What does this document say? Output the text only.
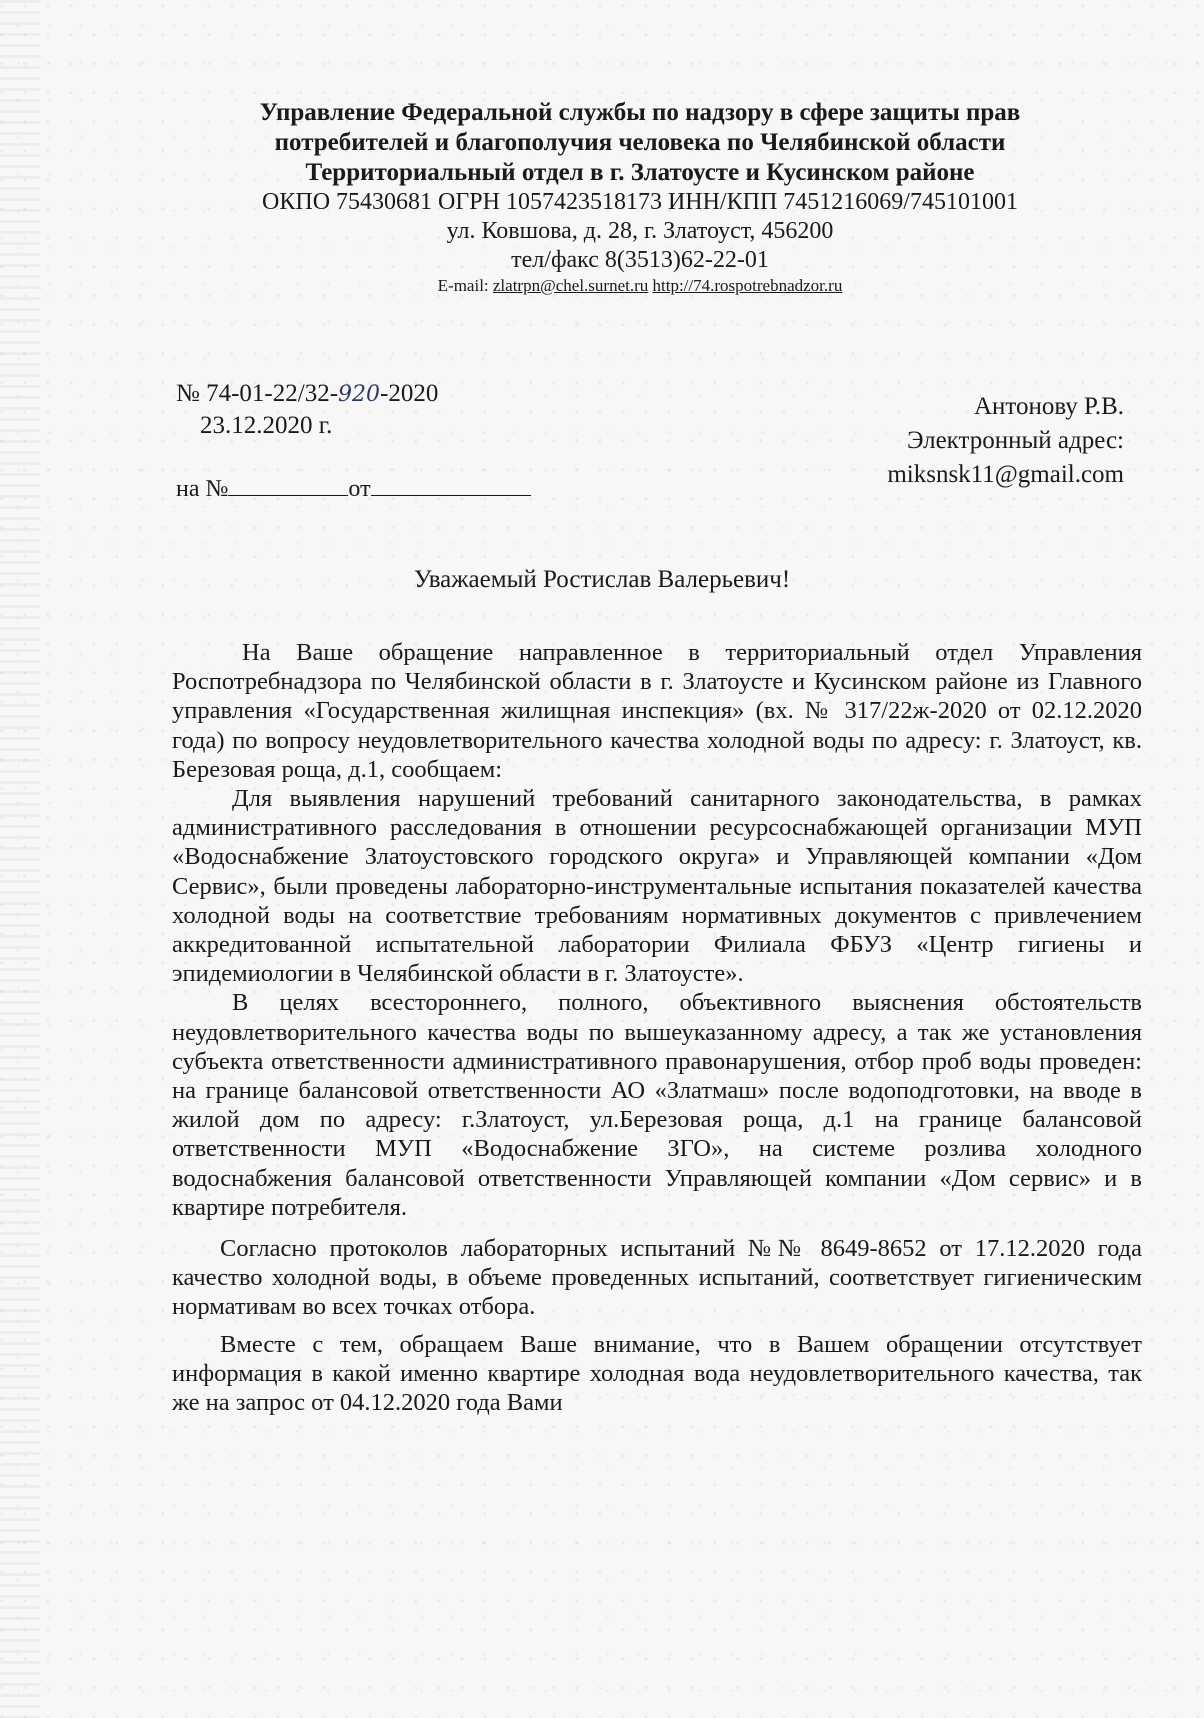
Управление Федеральной службы по надзору в сфере защиты прав
потребителей и благополучия человека по Челябинской области
Территориальный отдел в г. Златоусте и Кусинском районе
ОКПО 75430681 ОГРН 1057423518173 ИНН/КПП 7451216069/745101001
ул. Ковшова, д. 28, г. Златоуст, 456200
тел/факс 8(3513)62-22-01
E-mail: zlatrpn@chel.surnet.ru http://74.rospotrebnadzor.ru
№ 74-01-22/32-920-2020
23.12.2020 г.
на №	от
Антонову Р.В.
Электронный адрес:
miksnsk11@gmail.com
Уважаемый Ростислав Валерьевич!

На Ваше обращение направленное в территориальный отдел Управления Роспотребнадзора по Челябинской области в г. Златоусте и Кусинском районе из Главного управления «Государственная жилищная инспекция» (вх. № 317/22ж-2020 от 02.12.2020 года) по вопросу неудовлетворительного качества холодной воды по адресу: г. Златоуст, кв. Березовая роща, д.1, сообщаем:

Для выявления нарушений требований санитарного законодательства, в рамках административного расследования в отношении ресурсоснабжающей организации МУП «Водоснабжение Златоустовского городского округа» и Управляющей компании «Дом Сервис», были проведены лабораторно-инструментальные испытания показателей качества холодной воды на соответствие требованиям нормативных документов с привлечением аккредитованной испытательной лаборатории Филиала ФБУЗ «Центр гигиены и эпидемиологии в Челябинской области в г. Златоусте».

В целях всестороннего, полного, объективного выяснения обстоятельств неудовлетворительного качества воды по вышеуказанному адресу, а так же установления субъекта ответственности административного правонарушения, отбор проб воды проведен: на границе балансовой ответственности АО «Златмаш» после водоподготовки, на вводе в жилой дом по адресу: г.Златоуст, ул.Березовая роща, д.1 на границе балансовой ответственности МУП «Водоснабжение ЗГО», на системе розлива холодного водоснабжения балансовой ответственности Управляющей компании «Дом сервис» и в квартире потребителя.

Согласно протоколов лабораторных испытаний №№ 8649-8652 от 17.12.2020 года качество холодной воды, в объеме проведенных испытаний, соответствует гигиеническим нормативам во всех точках отбора.

Вместе с тем, обращаем Ваше внимание, что в Вашем обращении отсутствует информация в какой именно квартире холодная вода неудовлетворительного качества, так же на запрос от 04.12.2020 года Вами
